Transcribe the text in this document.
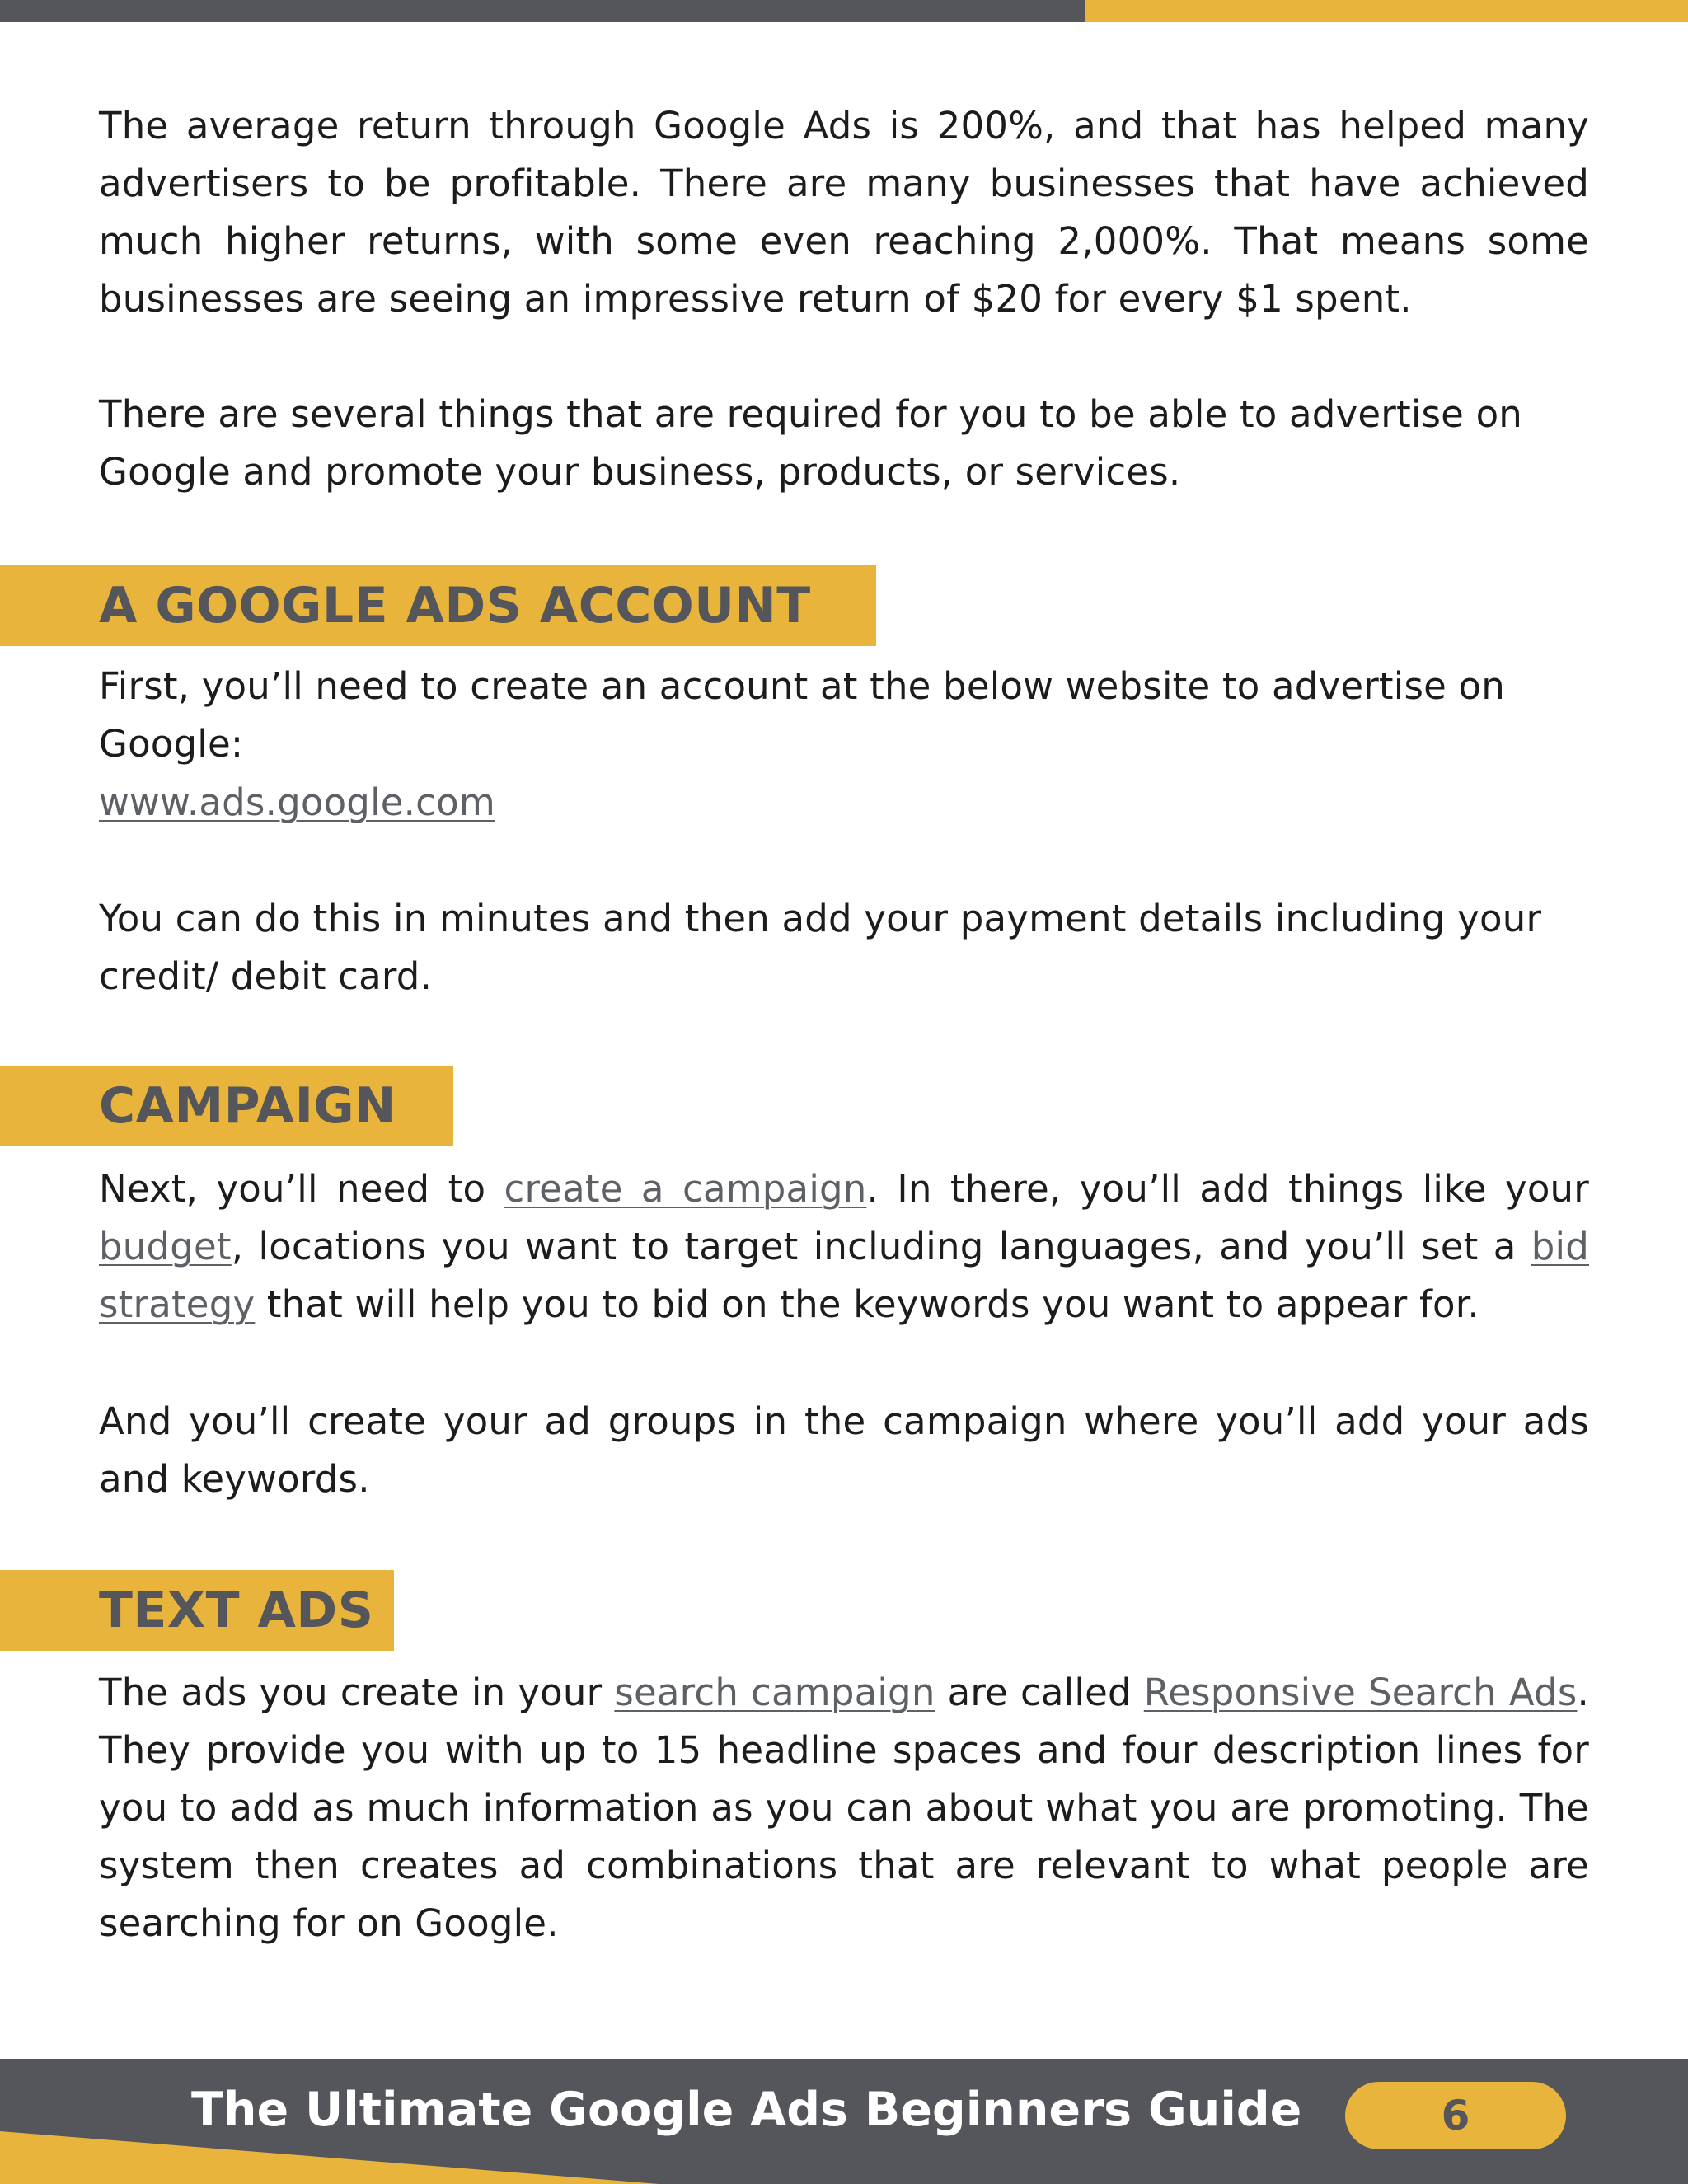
The average return through Google Ads is 200%, and that has helped many advertisers to be profitable. There are many businesses that have achieved much higher returns, with some even reaching 2,000%. That means some businesses are seeing an impressive return of $20 for every $1 spent.

There are several things that are required for you to be able to advertise on Google and promote your business, products, or services.

A GOOGLE ADS ACCOUNT

First, you’ll need to create an account at the below website to advertise on Google:

www.ads.google.com

You can do this in minutes and then add your payment details including your credit/ debit card.

CAMPAIGN

Next, you’ll need to create a campaign. In there, you’ll add things like your budget, locations you want to target including languages, and you’ll set a bid strategy that will help you to bid on the keywords you want to appear for.

And you’ll create your ad groups in the campaign where you’ll add your ads and keywords.

TEXT ADS

The ads you create in your search campaign are called Responsive Search Ads. They provide you with up to 15 headline spaces and four description lines for you to add as much information as you can about what you are promoting. The system then creates ad combinations that are relevant to what people are searching for on Google.

The Ultimate Google Ads Beginners Guide	6
